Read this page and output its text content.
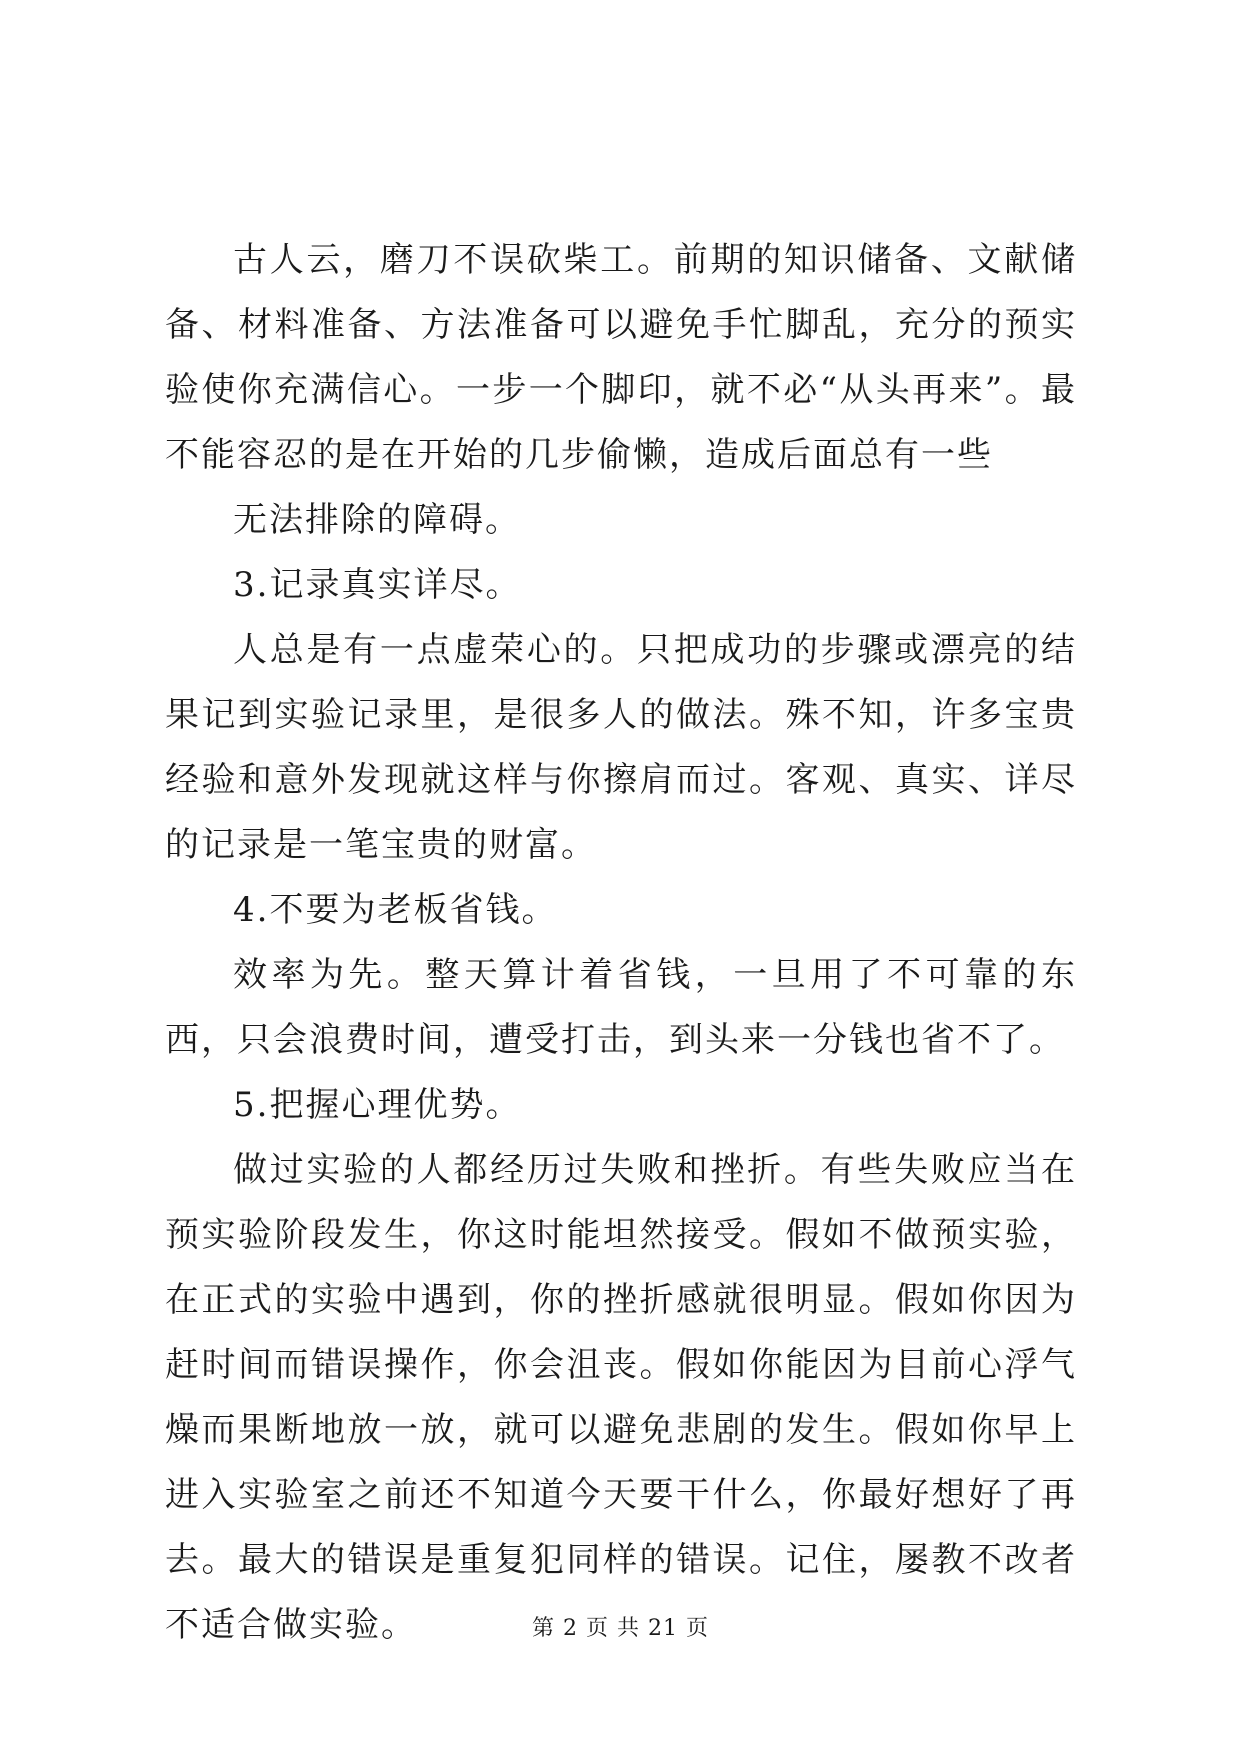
古人云，磨刀不误砍柴工。前期的知识储备、文献储备、材料准备、方法准备可以避免手忙脚乱，充分的预实验使你充满信心。一步一个脚印，就不必“从头再来”。最不能容忍的是在开始的几步偷懒，造成后面总有一些

无法排除的障碍。

3.记录真实详尽。

人总是有一点虚荣心的。只把成功的步骤或漂亮的结果记到实验记录里，是很多人的做法。殊不知，许多宝贵经验和意外发现就这样与你擦肩而过。客观、真实、详尽的记录是一笔宝贵的财富。

4.不要为老板省钱。

效率为先。整天算计着省钱，一旦用了不可靠的东西，只会浪费时间，遭受打击，到头来一分钱也省不了。

5.把握心理优势。

做过实验的人都经历过失败和挫折。有些失败应当在预实验阶段发生，你这时能坦然接受。假如不做预实验，在正式的实验中遇到，你的挫折感就很明显。假如你因为赶时间而错误操作，你会沮丧。假如你能因为目前心浮气燥而果断地放一放，就可以避免悲剧的发生。假如你早上进入实验室之前还不知道今天要干什么，你最好想好了再去。最大的错误是重复犯同样的错误。记住，屡教不改者不适合做实验。	第 2 页 共 21 页
